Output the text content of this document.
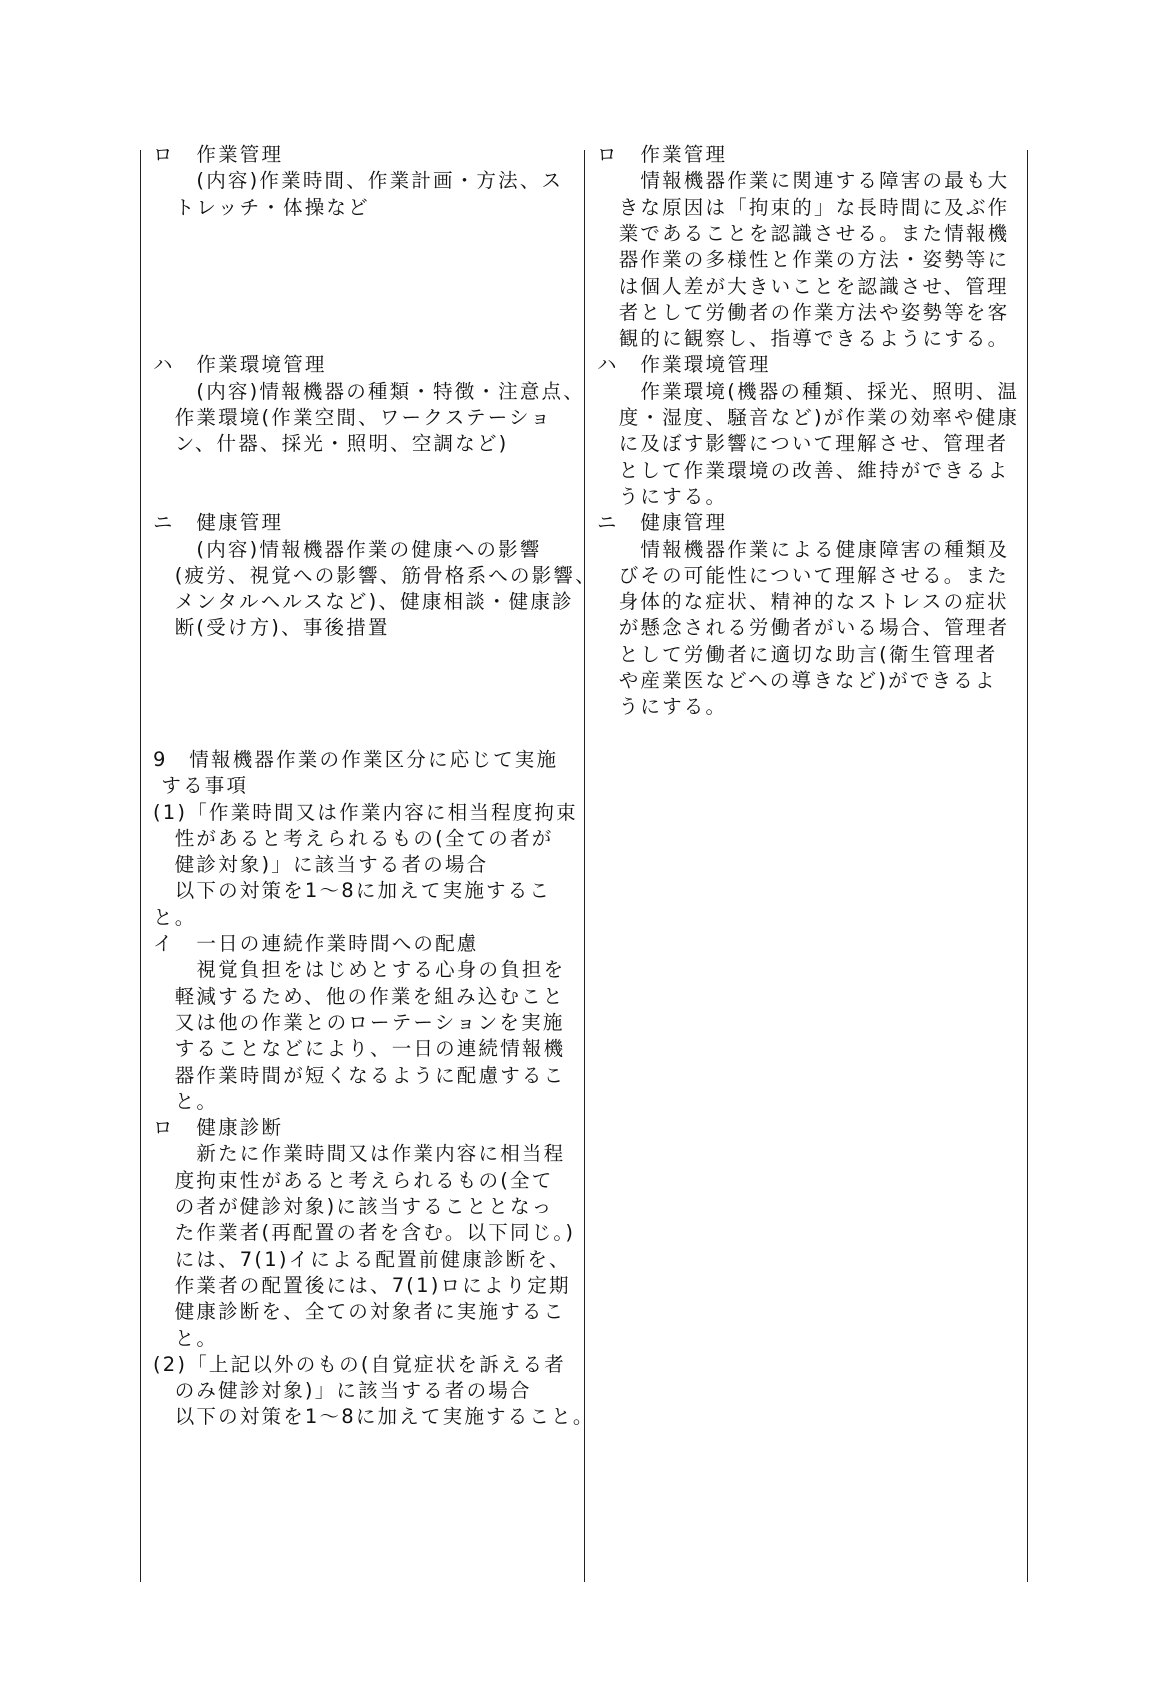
ロ　作業管理
　　(内容)作業時間、作業計画・方法、ス
　トレッチ・体操など
ハ　作業環境管理
　　(内容)情報機器の種類・特徴・注意点、
　作業環境(作業空間、ワークステーショ
　ン、什器、採光・照明、空調など)
ニ　健康管理
　　(内容)情報機器作業の健康への影響
　(疲労、視覚への影響、筋骨格系への影響、
　メンタルヘルスなど)、健康相談・健康診
　断(受け方)、事後措置
9　情報機器作業の作業区分に応じて実施
する事項
(1)「作業時間又は作業内容に相当程度拘束
　性があると考えられるもの(全ての者が
　健診対象)」に該当する者の場合
　以下の対策を1～8に加えて実施するこ
と。
イ　一日の連続作業時間への配慮
　　視覚負担をはじめとする心身の負担を
　軽減するため、他の作業を組み込むこと
　又は他の作業とのローテーションを実施
　することなどにより、一日の連続情報機
　器作業時間が短くなるように配慮するこ
　と。
ロ　健康診断
　　新たに作業時間又は作業内容に相当程
　度拘束性があると考えられるもの(全て
　の者が健診対象)に該当することとなっ
　た作業者(再配置の者を含む。以下同じ。)
　には、7(1)イによる配置前健康診断を、
　作業者の配置後には、7(1)ロにより定期
　健康診断を、全ての対象者に実施するこ
　と。
(2)「上記以外のもの(自覚症状を訴える者
　のみ健診対象)」に該当する者の場合
　以下の対策を1～8に加えて実施すること。
ロ　作業管理
　　情報機器作業に関連する障害の最も大
　きな原因は「拘束的」な長時間に及ぶ作
　業であることを認識させる。また情報機
　器作業の多様性と作業の方法・姿勢等に
　は個人差が大きいことを認識させ、管理
　者として労働者の作業方法や姿勢等を客
　観的に観察し、指導できるようにする。
ハ　作業環境管理
　　作業環境(機器の種類、採光、照明、温
　度・湿度、騒音など)が作業の効率や健康
　に及ぼす影響について理解させ、管理者
　として作業環境の改善、維持ができるよ
　うにする。
ニ　健康管理
　　情報機器作業による健康障害の種類及
　びその可能性について理解させる。また
　身体的な症状、精神的なストレスの症状
　が懸念される労働者がいる場合、管理者
　として労働者に適切な助言(衛生管理者
　や産業医などへの導きなど)ができるよ
　うにする。
